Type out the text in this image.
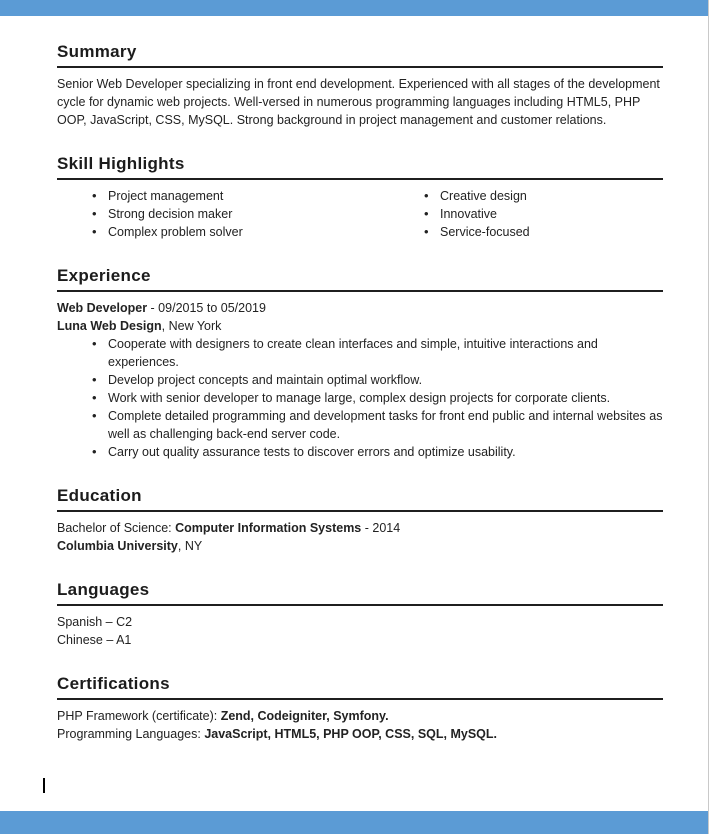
Summary

Senior Web Developer specializing in front end development. Experienced with all stages of the development cycle for dynamic web projects. Well-versed in numerous programming languages including HTML5, PHP OOP, JavaScript, CSS, MySQL. Strong background in project management and customer relations.

Skill Highlights
• Project management
• Strong decision maker
• Complex problem solver
• Creative design
• Innovative
• Service-focused
Experience

Web Developer - 09/2015 to 05/2019

Luna Web Design, New York

• Cooperate with designers to create clean interfaces and simple, intuitive interactions and experiences.
• Develop project concepts and maintain optimal workflow.
• Work with senior developer to manage large, complex design projects for corporate clients.
• Complete detailed programming and development tasks for front end public and internal websites as well as challenging back-end server code.
• Carry out quality assurance tests to discover errors and optimize usability.
Education

Bachelor of Science: Computer Information Systems - 2014

Columbia University, NY

Languages

Spanish – C2

Chinese – A1

Certifications

PHP Framework (certificate): Zend, Codeigniter, Symfony.

Programming Languages: JavaScript, HTML5, PHP OOP, CSS, SQL, MySQL.
